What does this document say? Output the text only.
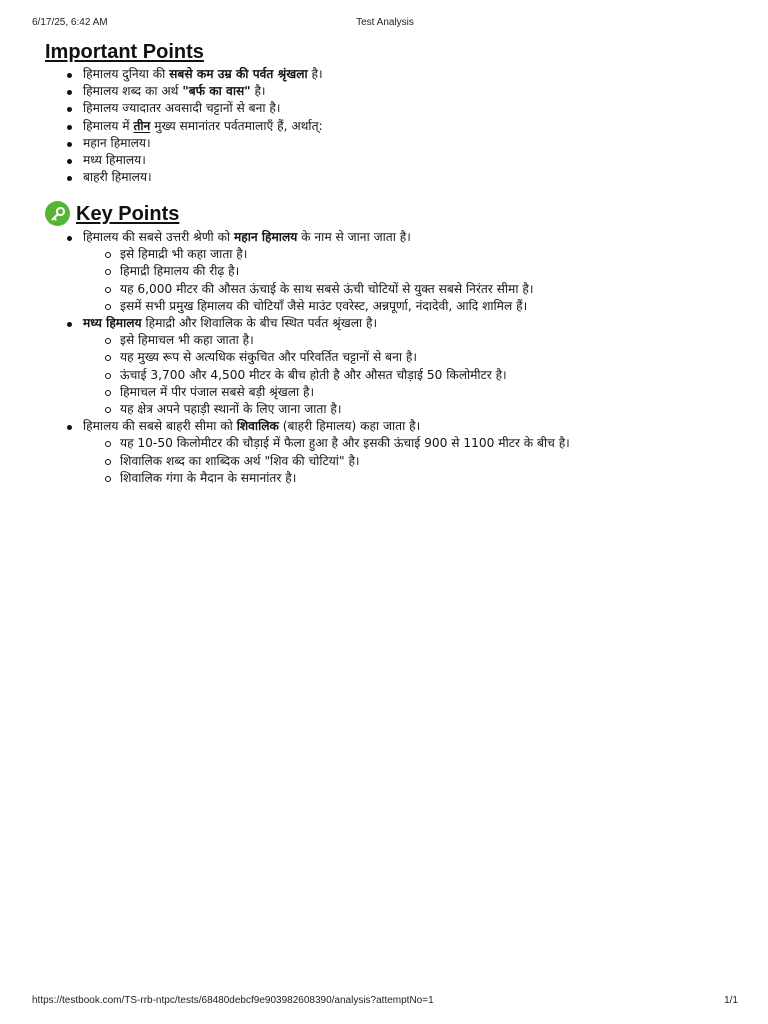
6/17/25, 6:42 AM	Test Analysis
Important Points
हिमालय दुनिया की सबसे कम उम्र की पर्वत श्रृंखला है।
हिमालय शब्द का अर्थ "बर्फ का वास" है।
हिमालय ज्यादातर अवसादी चट्टानों से बना है।
हिमालय में तीन मुख्य समानांतर पर्वतमालाएँ हैं, अर्थात्:
महान हिमालय।
मध्य हिमालय।
बाहरी हिमालय।
Key Points
हिमालय की सबसे उत्तरी श्रेणी को महान हिमालय के नाम से जाना जाता है।
इसे हिमाद्री भी कहा जाता है।
हिमाद्री हिमालय की रीढ़ है।
यह 6,000 मीटर की औसत ऊंचाई के साथ सबसे ऊंची चोटियों से युक्त सबसे निरंतर सीमा है।
इसमें सभी प्रमुख हिमालय की चोटियाँ जैसे माउंट एवरेस्ट, अन्नपूर्णा, नंदादेवी, आदि शामिल हैं।
मध्य हिमालय हिमाद्री और शिवालिक के बीच स्थित पर्वत श्रृंखला है।
इसे हिमाचल भी कहा जाता है।
यह मुख्य रूप से अत्यधिक संकुचित और परिवर्तित चट्टानों से बना है।
ऊंचाई 3,700 और 4,500 मीटर के बीच होती है और औसत चौड़ाई 50 किलोमीटर है।
हिमाचल में पीर पंजाल सबसे बड़ी श्रृंखला है।
यह क्षेत्र अपने पहाड़ी स्थानों के लिए जाना जाता है।
हिमालय की सबसे बाहरी सीमा को शिवालिक (बाहरी हिमालय) कहा जाता है।
यह 10-50 किलोमीटर की चौड़ाई में फैला हुआ है और इसकी ऊंचाई 900 से 1100 मीटर के बीच है।
शिवालिक शब्द का शाब्दिक अर्थ "शिव की चोटियां" है।
शिवालिक गंगा के मैदान के समानांतर है।
https://testbook.com/TS-rrb-ntpc/tests/68480debcf9e903982608390/analysis?attemptNo=1	1/1
